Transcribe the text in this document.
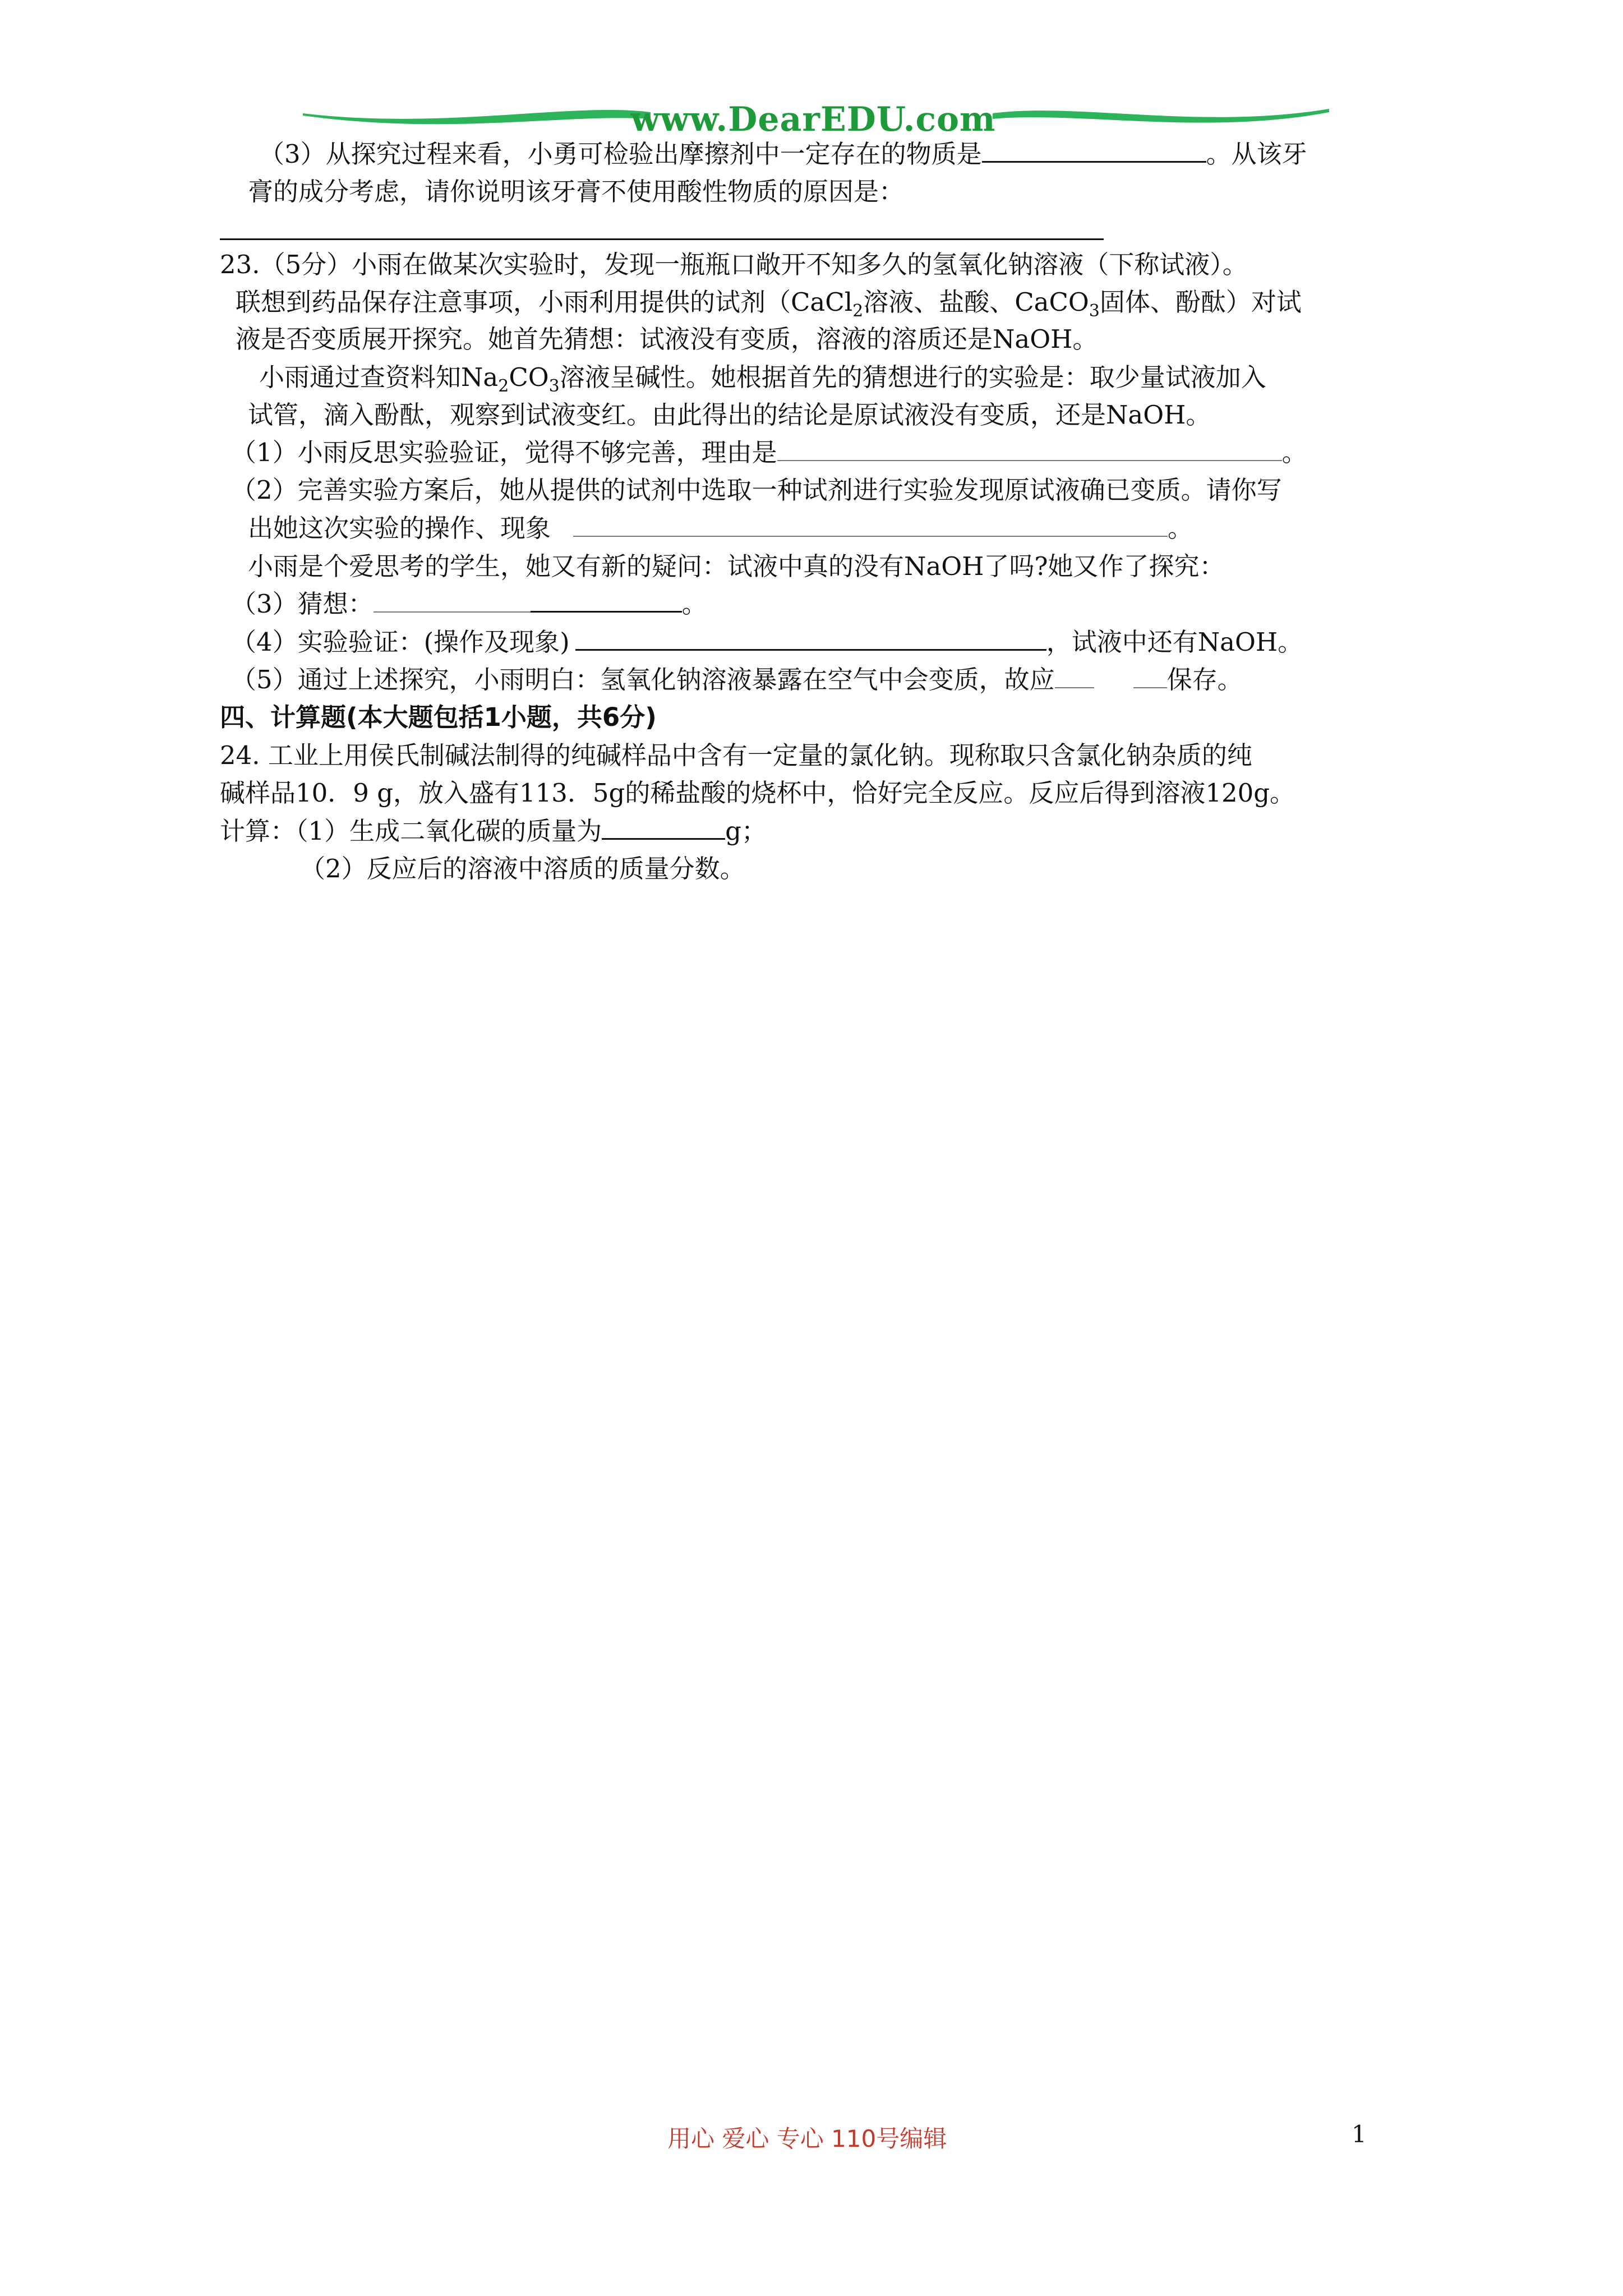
www.DearEDU.com
（3）从探究过程来看，小勇可检验出摩擦剂中一定存在的物质是	。从该牙
膏的成分考虑，请你说明该牙膏不使用酸性物质的原因是：
23.（5分）小雨在做某次实验时，发现一瓶瓶口敞开不知多久的氢氧化钠溶液（下称试液）。
联想到药品保存注意事项，小雨利用提供的试剂（CaCl$_2$溶液、盐酸、CaCO$_3$固体、酚酞）对试
液是否变质展开探究。她首先猜想：试液没有变质，溶液的溶质还是NaOH。
小雨通过查资料知$Na_2CO_3$溶液呈碱性。她根据首先的猜想进行的实验是：取少量试液加入
试管，滴入酚酞，观察到试液变红。由此得出的结论是原试液没有变质，还是NaOH。
（1）小雨反思实验验证，觉得不够完善，理由是	。
（2）完善实验方案后，她从提供的试剂中选取一种试剂进行实验发现原试液确已变质。请你写
出她这次实验的操作、现象	。
小雨是个爱思考的学生，她又有新的疑问：试液中真的没有NaOH了吗?她又作了探究：
（3）猜想：	。
（4）实验验证：(操作及现象)	，试液中还有NaOH。
（5）通过上述探究，小雨明白：氢氧化钠溶液暴露在空气中会变质，故应	保存。
四、计算题(本大题包括1小题，共6分)
24. 工业上用侯氏制碱法制得的纯碱样品中含有一定量的氯化钠。现称取只含氯化钠杂质的纯
碱样品10．9 g，放入盛有113．5g的稀盐酸的烧杯中，恰好完全反应。反应后得到溶液120g。
计算：（1）生成二氧化碳的质量为	g；
（2）反应后的溶液中溶质的质量分数。
用心 爱心 专心 110号编辑	1
